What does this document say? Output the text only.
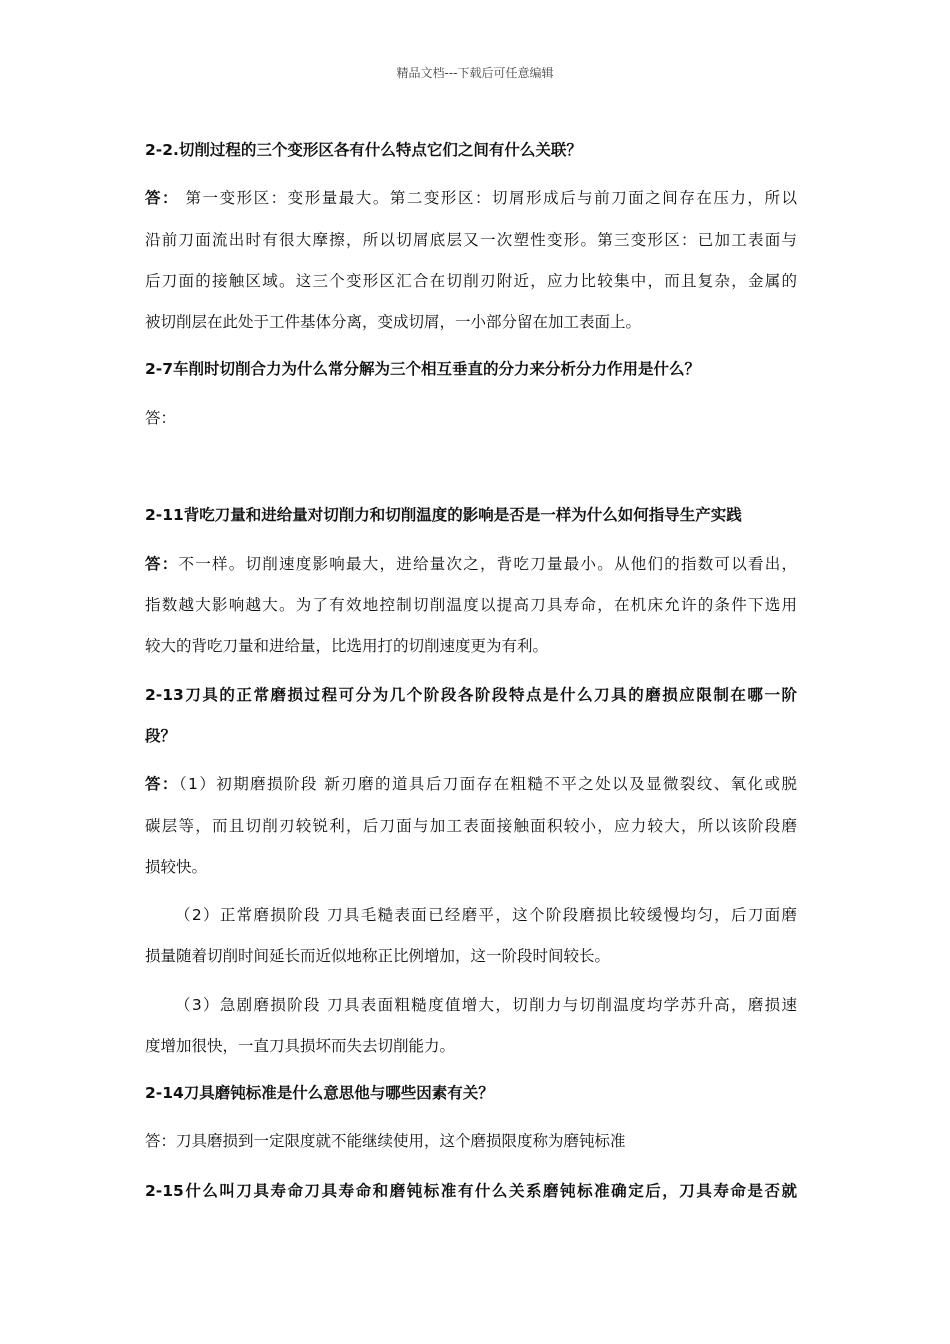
精品文档---下载后可任意编辑
2-2.切削过程的三个变形区各有什么特点它们之间有什么关联？
答： 第一变形区：变形量最大。第二变形区：切屑形成后与前刀面之间存在压力，所以
沿前刀面流出时有很大摩擦，所以切屑底层又一次塑性变形。第三变形区：已加工表面与
后刀面的接触区域。这三个变形区汇合在切削刃附近，应力比较集中，而且复杂，金属的
被切削层在此处于工件基体分离，变成切屑，一小部分留在加工表面上。
2-7车削时切削合力为什么常分解为三个相互垂直的分力来分析分力作用是什么？
答：
2-11背吃刀量和进给量对切削力和切削温度的影响是否是一样为什么如何指导生产实践
答：不一样。切削速度影响最大，进给量次之，背吃刀量最小。从他们的指数可以看出，
指数越大影响越大。为了有效地控制切削温度以提高刀具寿命，在机床允许的条件下选用
较大的背吃刀量和进给量，比选用打的切削速度更为有利。
2-13刀具的正常磨损过程可分为几个阶段各阶段特点是什么刀具的磨损应限制在哪一阶
段？
答：（1）初期磨损阶段 新刃磨的道具后刀面存在粗糙不平之处以及显微裂纹、氧化或脱
碳层等，而且切削刃较锐利，后刀面与加工表面接触面积较小，应力较大，所以该阶段磨
损较快。
（2）正常磨损阶段 刀具毛糙表面已经磨平，这个阶段磨损比较缓慢均匀，后刀面磨
损量随着切削时间延长而近似地称正比例增加，这一阶段时间较长。
（3）急剧磨损阶段 刀具表面粗糙度值增大，切削力与切削温度均学苏升高，磨损速
度增加很快，一直刀具损坏而失去切削能力。
2-14刀具磨钝标准是什么意思他与哪些因素有关？
答：刀具磨损到一定限度就不能继续使用，这个磨损限度称为磨钝标准
2-15什么叫刀具寿命刀具寿命和磨钝标准有什么关系磨钝标准确定后，刀具寿命是否就
